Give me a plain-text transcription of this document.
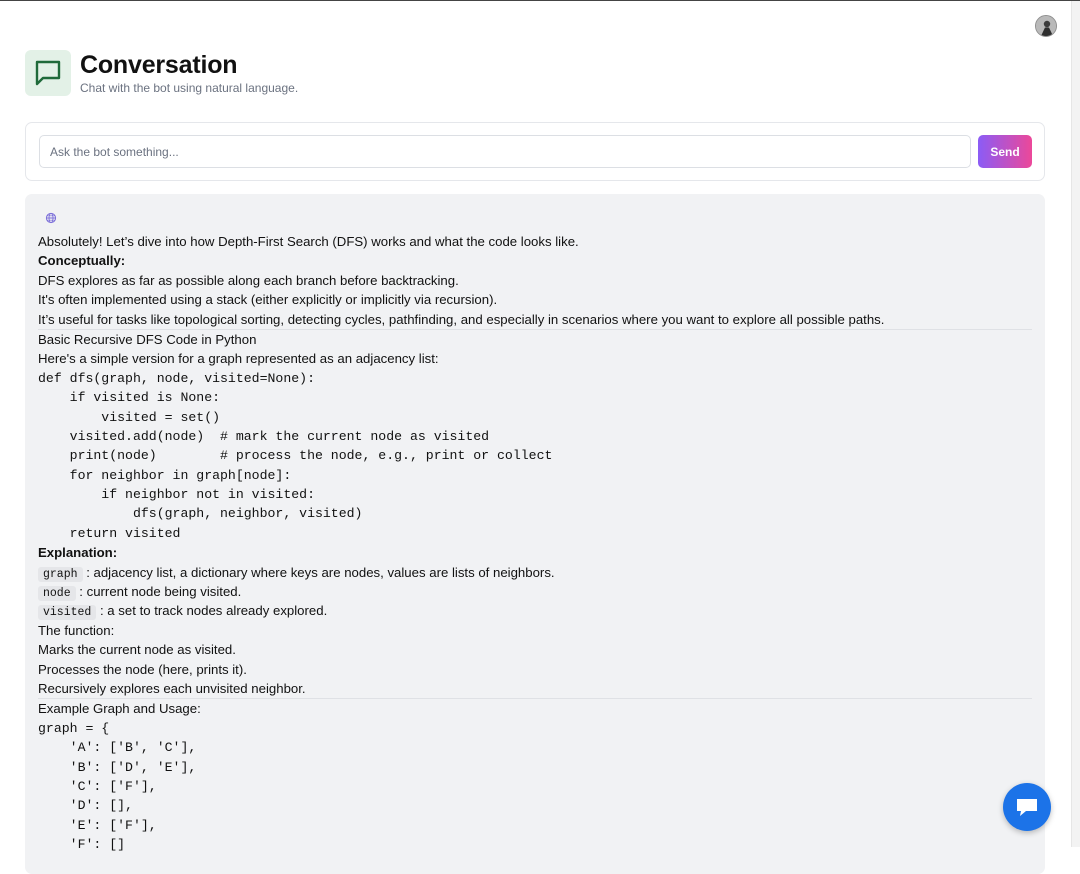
Conversation
Chat with the bot using natural language.
Ask the bot something...
Send
Absolutely! Let’s dive into how Depth-First Search (DFS) works and what the code looks like.
Conceptually:
DFS explores as far as possible along each branch before backtracking.
It's often implemented using a stack (either explicitly or implicitly via recursion).
It’s useful for tasks like topological sorting, detecting cycles, pathfinding, and especially in scenarios where you want to explore all possible paths.
Basic Recursive DFS Code in Python
Here's a simple version for a graph represented as an adjacency list:
def dfs(graph, node, visited=None):
if visited is None:
visited = set()
visited.add(node)  # mark the current node as visited
print(node)        # process the node, e.g., print or collect
for neighbor in graph[node]:
if neighbor not in visited:
dfs(graph, neighbor, visited)
return visited
Explanation:
graph : adjacency list, a dictionary where keys are nodes, values are lists of neighbors.
node : current node being visited.
visited : a set to track nodes already explored.
The function:
Marks the current node as visited.
Processes the node (here, prints it).
Recursively explores each unvisited neighbor.
Example Graph and Usage:
graph = {
'A': ['B', 'C'],
'B': ['D', 'E'],
'C': ['F'],
'D': [],
'E': ['F'],
'F': []
